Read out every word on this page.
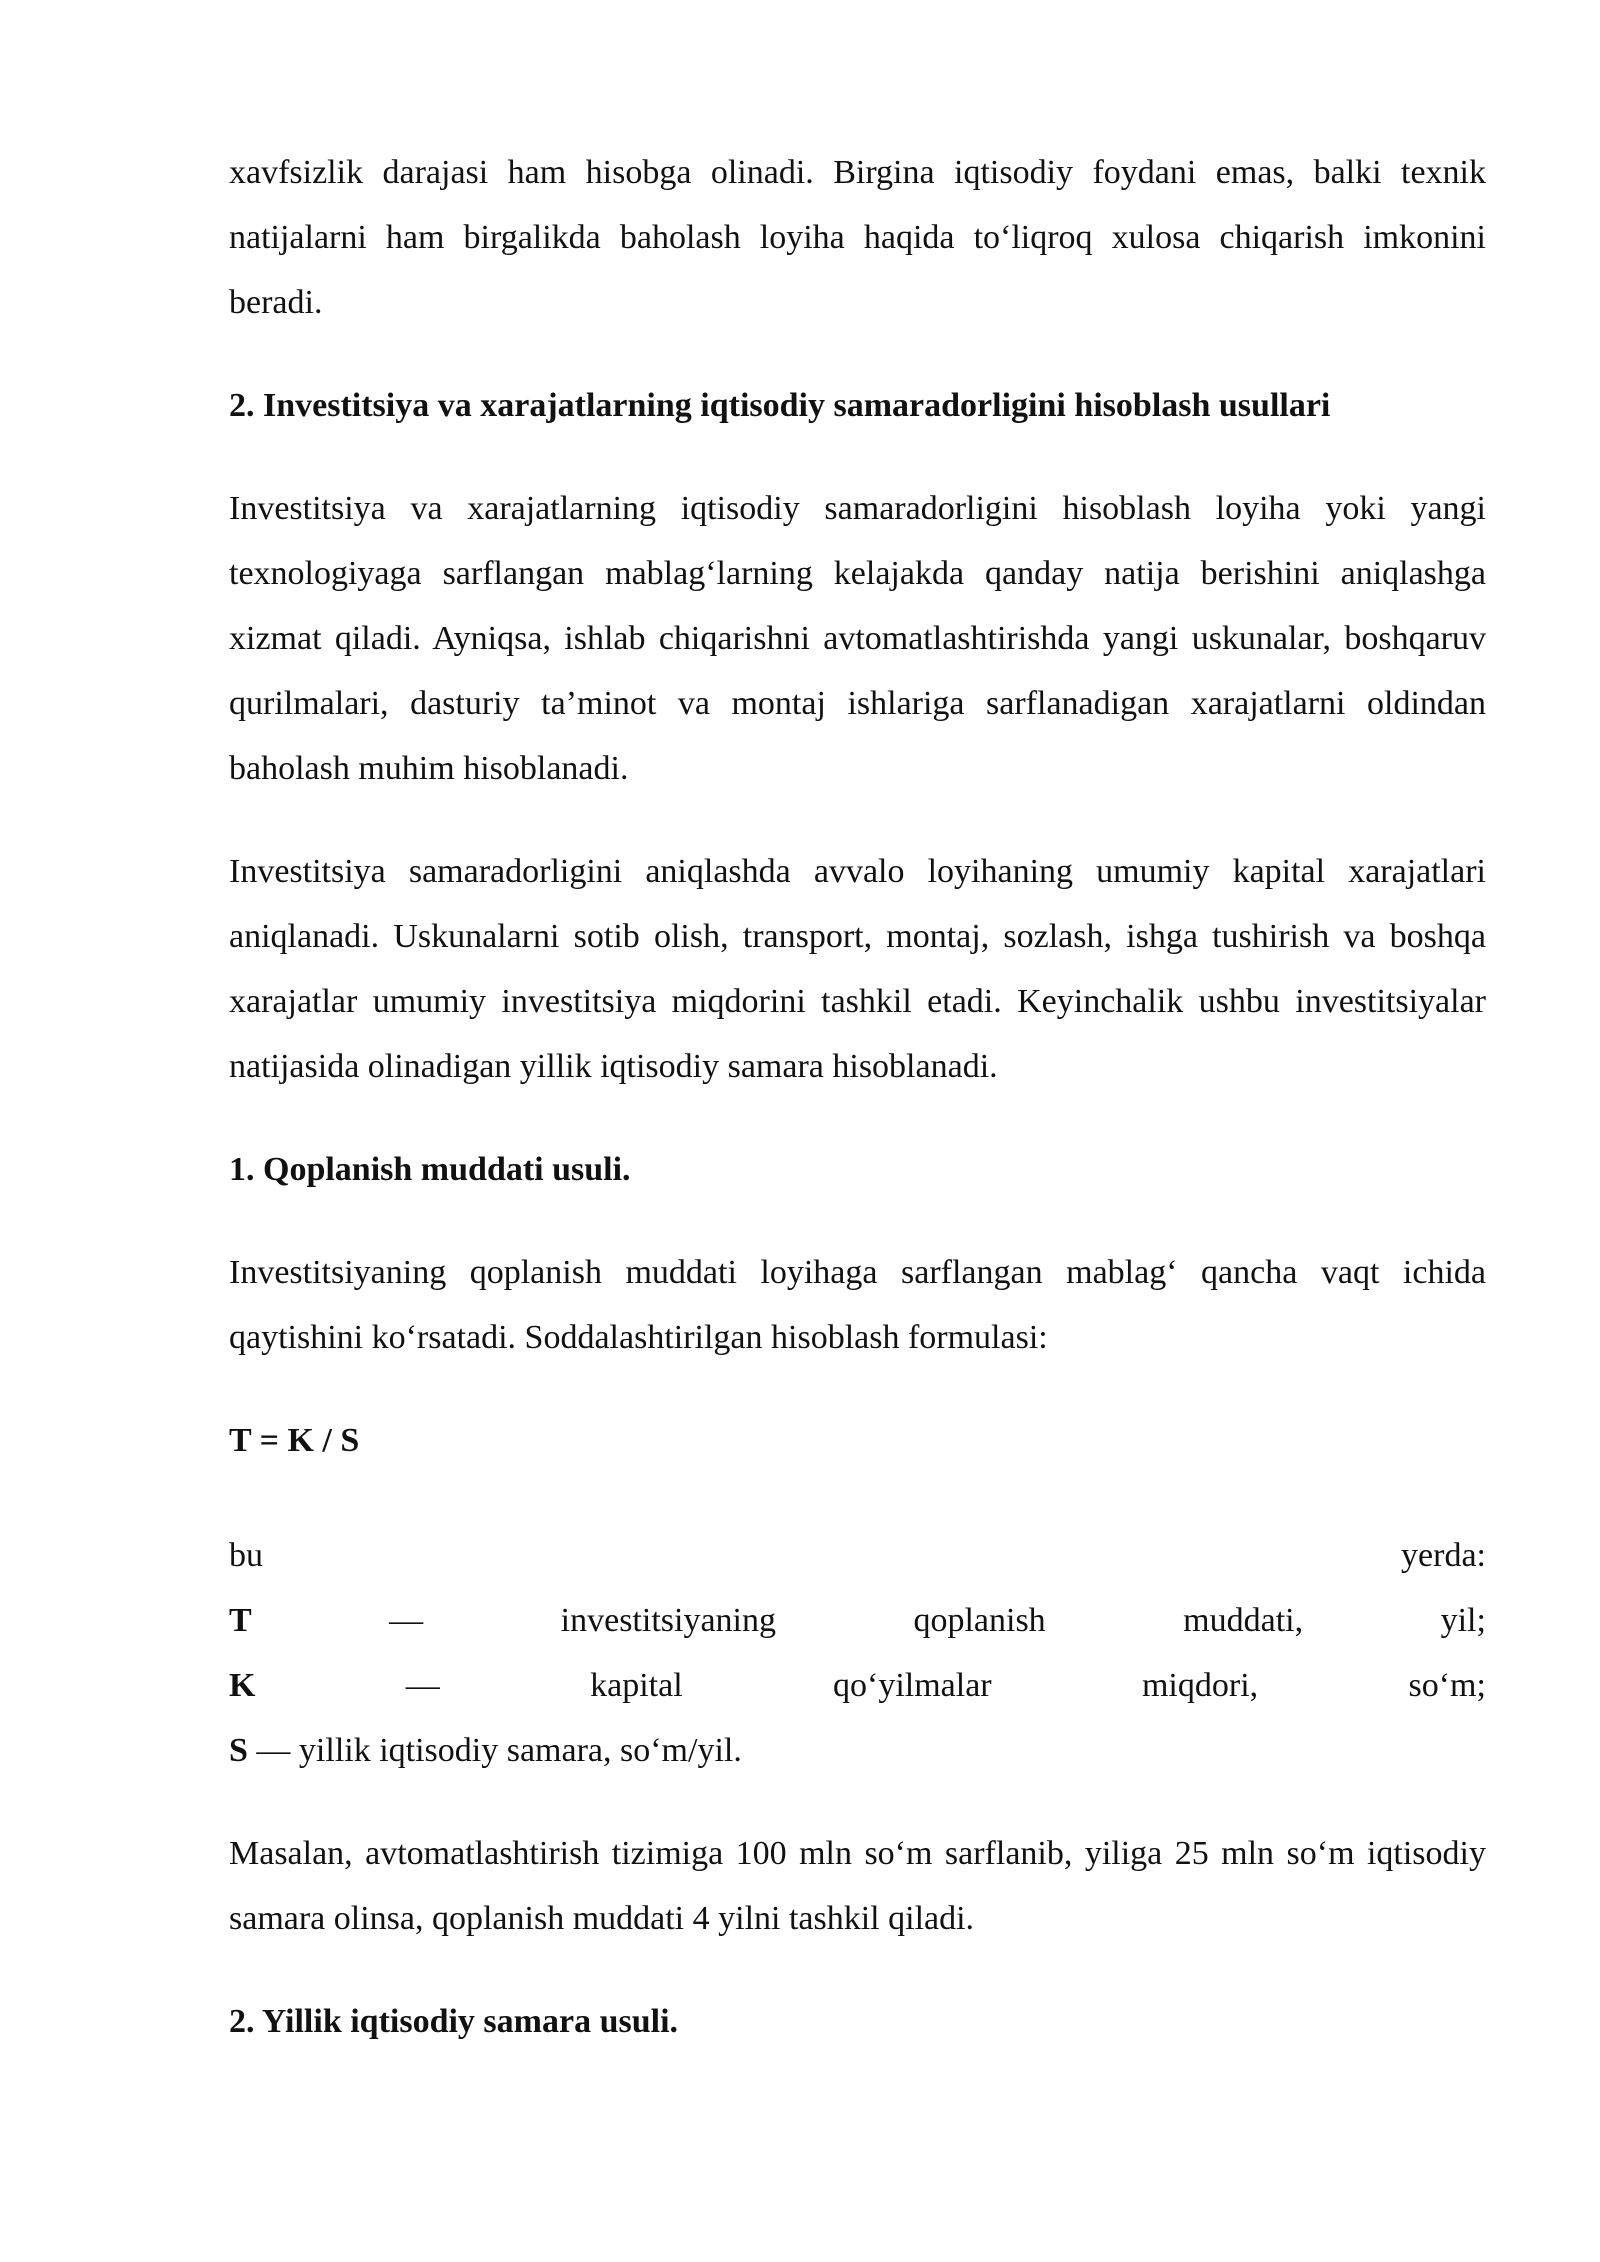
xavfsizlik darajasi ham hisobga olinadi. Birgina iqtisodiy foydani emas, balki texnik natijalarni ham birgalikda baholash loyiha haqida to‘liqroq xulosa chiqarish imkonini beradi.

2. Investitsiya va xarajatlarning iqtisodiy samaradorligini hisoblash usullari

Investitsiya va xarajatlarning iqtisodiy samaradorligini hisoblash loyiha yoki yangi texnologiyaga sarflangan mablag‘larning kelajakda qanday natija berishini aniqlashga xizmat qiladi. Ayniqsa, ishlab chiqarishni avtomatlashtirishda yangi uskunalar, boshqaruv qurilmalari, dasturiy ta’minot va montaj ishlariga sarflanadigan xarajatlarni oldindan baholash muhim hisoblanadi.

Investitsiya samaradorligini aniqlashda avvalo loyihaning umumiy kapital xarajatlari aniqlanadi. Uskunalarni sotib olish, transport, montaj, sozlash, ishga tushirish va boshqa xarajatlar umumiy investitsiya miqdorini tashkil etadi. Keyinchalik ushbu investitsiyalar natijasida olinadigan yillik iqtisodiy samara hisoblanadi.

1. Qoplanish muddati usuli.

Investitsiyaning qoplanish muddati loyihaga sarflangan mablag‘ qancha vaqt ichida qaytishini ko‘rsatadi. Soddalashtirilgan hisoblash formulasi:

T = K / S

bu	yerda:
T	—	investitsiyaning	qoplanish	muddati,	yil;
K	—	kapital	qo‘yilmalar	miqdori,	so‘m;
S — yillik iqtisodiy samara, so‘m/yil.

Masalan, avtomatlashtirish tizimiga 100 mln so‘m sarflanib, yiliga 25 mln so‘m iqtisodiy samara olinsa, qoplanish muddati 4 yilni tashkil qiladi.

2. Yillik iqtisodiy samara usuli.
